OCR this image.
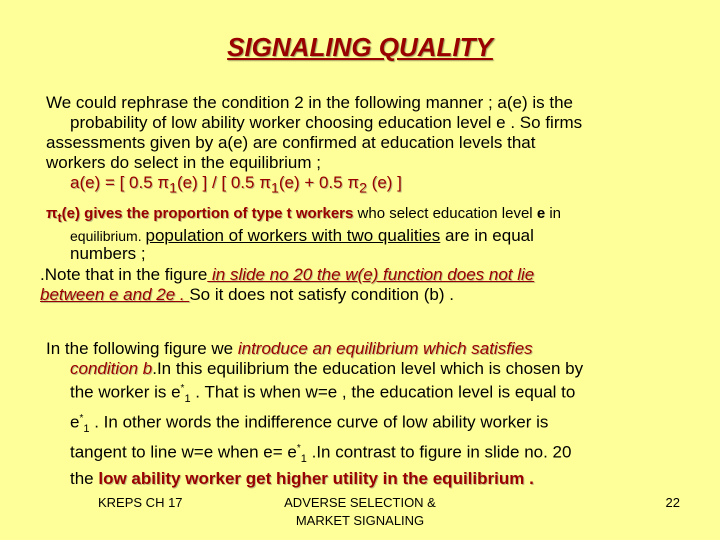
SIGNALING QUALITY
We could rephrase the condition 2 in the following manner ; a(e) is the
probability of low ability worker choosing education level e . So firms
assessments given by a(e) are confirmed at education levels that
workers do select in the equilibrium ;
a(e) = [ 0.5 $\pi_1(e)$ ] / [ 0.5 $\pi_1(e) + 0.5$ $\pi_2$ (e) ]
$\pi_t(e)$ gives the proportion of type t workers who select education level e in
equilibrium. population of workers with two qualities are in equal
numbers ;
.Note that in the figure in slide no 20 the w(e) function does not lie
between e and 2e . So it does not satisfy condition (b) .
In the following figure we introduce an equilibrium which satisfies
condition b.In this equilibrium the education level which is chosen by
the worker is $e^*_1$ . That is when w=e , the education level is equal to
$e^*_1$ . In other words the indifference curve of low ability worker is
tangent to line w=e when $e= e^*_1$ .In contrast to figure in slide no. 20
the low ability worker get higher utility in the equilibrium .
KREPS CH 17	ADVERSE SELECTION &
MARKET SIGNALING
22
